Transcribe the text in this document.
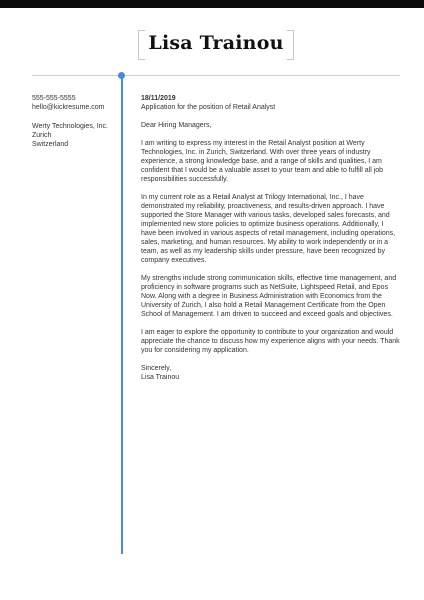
Lisa Trainou
555-555-5555
hello@kickresume.com
Werty Technologies, Inc.
Zurich
Switzerland
18/11/2019
Application for the position of Retail Analyst

Dear Hiring Managers,

I am writing to express my interest in the Retail Analyst position at Werty
Technologies, Inc. in Zurich, Switzerland. With over three years of industry
experience, a strong knowledge base, and a range of skills and qualities, I am
confident that I would be a valuable asset to your team and able to fulfill all job
responsibilities successfully.

In my current role as a Retail Analyst at Trilogy International, Inc., I have
demonstrated my reliability, proactiveness, and results-driven approach. I have
supported the Store Manager with various tasks, developed sales forecasts, and
implemented new store policies to optimize business operations. Additionally, I
have been involved in various aspects of retail management, including operations,
sales, marketing, and human resources. My ability to work independently or in a
team, as well as my leadership skills under pressure, have been recognized by
company executives.

My strengths include strong communication skills, effective time management, and
proficiency in software programs such as NetSuite, Lightspeed Retail, and Epos
Now. Along with a degree in Business Administration with Economics from the
University of Zurich, I also hold a Retail Management Certificate from the Open
School of Management. I am driven to succeed and exceed goals and objectives.

I am eager to explore the opportunity to contribute to your organization and would
appreciate the chance to discuss how my experience aligns with your needs. Thank
you for considering my application.

Sincerely,
Lisa Trainou
